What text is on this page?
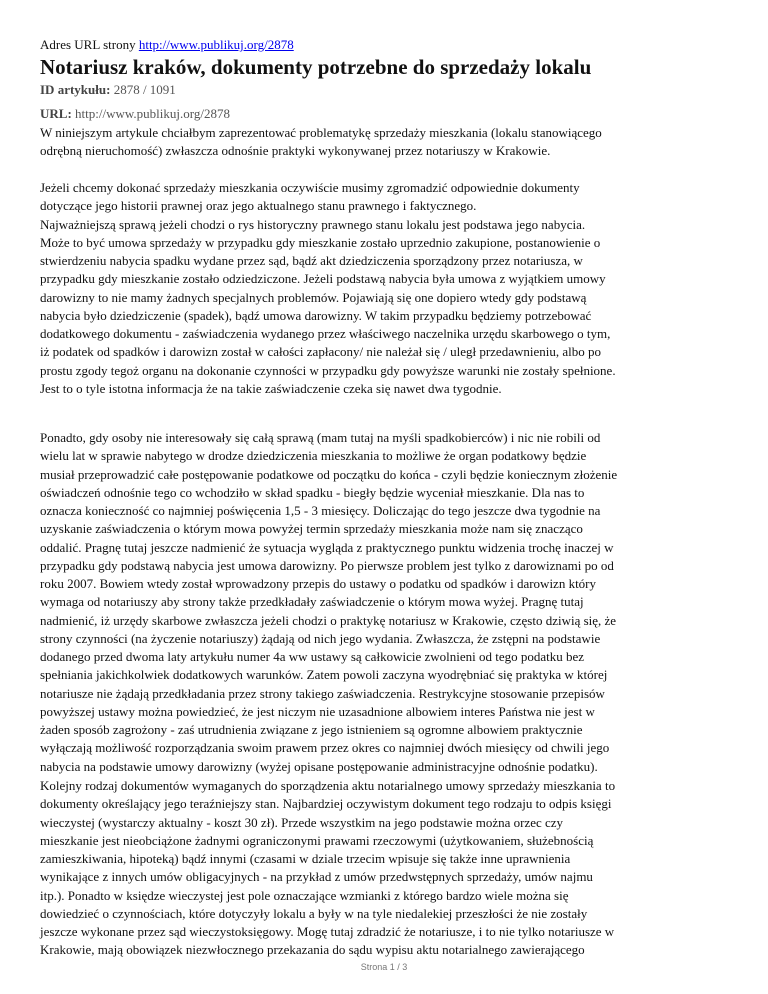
Adres URL strony http://www.publikuj.org/2878
Notariusz kraków, dokumenty potrzebne do sprzedaży lokalu
ID artykułu: 2878 / 1091
URL: http://www.publikuj.org/2878
W niniejszym artykule chciałbym zaprezentować problematykę sprzedaży mieszkania (lokalu stanowiącego
odrębną nieruchomość) zwłaszcza odnośnie praktyki wykonywanej przez notariuszy w Krakowie.
Jeżeli chcemy dokonać sprzedaży mieszkania oczywiście musimy zgromadzić odpowiednie dokumenty
dotyczące jego historii prawnej oraz jego aktualnego stanu prawnego i faktycznego.
Najważniejszą sprawą jeżeli chodzi o rys historyczny prawnego stanu lokalu jest podstawa jego nabycia.
Może to być umowa sprzedaży w przypadku gdy mieszkanie zostało uprzednio zakupione, postanowienie o
stwierdzeniu nabycia spadku wydane przez sąd, bądź akt dziedziczenia sporządzony przez notariusza, w
przypadku gdy mieszkanie zostało odziedziczone. Jeżeli podstawą nabycia była umowa z wyjątkiem umowy
darowizny to nie mamy żadnych specjalnych problemów. Pojawiają się one dopiero wtedy gdy podstawą
nabycia było dziedziczenie (spadek), bądź umowa darowizny. W takim przypadku będziemy potrzebować
dodatkowego dokumentu - zaświadczenia wydanego przez właściwego naczelnika urzędu skarbowego o tym,
iż podatek od spadków i darowizn został w całości zapłacony/ nie należał się / uległ przedawnieniu, albo po
prostu zgody tegoż organu na dokonanie czynności w przypadku gdy powyższe warunki nie zostały spełnione.
Jest to o tyle istotna informacja że na takie zaświadczenie czeka się nawet dwa tygodnie.
Ponadto, gdy osoby nie interesowały się całą sprawą (mam tutaj na myśli spadkobierców) i nic nie robili od
wielu lat w sprawie nabytego w drodze dziedziczenia mieszkania to możliwe że organ podatkowy będzie
musiał przeprowadzić całe postępowanie podatkowe od początku do końca - czyli będzie koniecznym złożenie
oświadczeń odnośnie tego co wchodziło w skład spadku - biegły będzie wyceniał mieszkanie. Dla nas to
oznacza konieczność co najmniej poświęcenia 1,5 - 3 miesięcy. Doliczając do tego jeszcze dwa tygodnie na
uzyskanie zaświadczenia o którym mowa powyżej termin sprzedaży mieszkania może nam się znacząco
oddalić. Pragnę tutaj jeszcze nadmienić że sytuacja wygląda z praktycznego punktu widzenia trochę inaczej w
przypadku gdy podstawą nabycia jest umowa darowizny. Po pierwsze problem jest tylko z darowiznami po od
roku 2007. Bowiem wtedy został wprowadzony przepis do ustawy o podatku od spadków i darowizn który
wymaga od notariuszy aby strony także przedkładały zaświadczenie o którym mowa wyżej. Pragnę tutaj
nadmienić, iż urzędy skarbowe zwłaszcza jeżeli chodzi o praktykę notariusz w Krakowie, często dziwią się, że
strony czynności (na życzenie notariuszy) żądają od nich jego wydania. Zwłaszcza, że zstępni na podstawie
dodanego przed dwoma laty artykułu numer 4a ww ustawy są całkowicie zwolnieni od tego podatku bez
spełniania jakichkolwiek dodatkowych warunków. Zatem powoli zaczyna wyodrębniać się praktyka w której
notariusze nie żądają przedkładania przez strony takiego zaświadczenia. Restrykcyjne stosowanie przepisów
powyższej ustawy można powiedzieć, że jest niczym nie uzasadnione albowiem interes Państwa nie jest w
żaden sposób zagrożony - zaś utrudnienia związane z jego istnieniem są ogromne albowiem praktycznie
wyłączają możliwość rozporządzania swoim prawem przez okres co najmniej dwóch miesięcy od chwili jego
nabycia na podstawie umowy darowizny (wyżej opisane postępowanie administracyjne odnośnie podatku).
Kolejny rodzaj dokumentów wymaganych do sporządzenia aktu notarialnego umowy sprzedaży mieszkania to
dokumenty określający jego teraźniejszy stan. Najbardziej oczywistym dokument tego rodzaju to odpis księgi
wieczystej (wystarczy aktualny - koszt 30 zł). Przede wszystkim na jego podstawie można orzec czy
mieszkanie jest nieobciążone żadnymi ograniczonymi prawami rzeczowymi (użytkowaniem, służebnością
zamieszkiwania, hipoteką) bądź innymi (czasami w dziale trzecim wpisuje się także inne uprawnienia
wynikające z innych umów obligacyjnych - na przykład z umów przedwstępnych sprzedaży, umów najmu
itp.). Ponadto w księdze wieczystej jest pole oznaczające wzmianki z którego bardzo wiele można się
dowiedzieć o czynnościach, które dotyczyły lokalu a były w na tyle niedalekiej przeszłości że nie zostały
jeszcze wykonane przez sąd wieczystoksięgowy. Mogę tutaj zdradzić że notariusze, i to nie tylko notariusze w
Krakowie, mają obowiązek niezwłocznego przekazania do sądu wypisu aktu notarialnego zawierającego
Strona 1 / 3
